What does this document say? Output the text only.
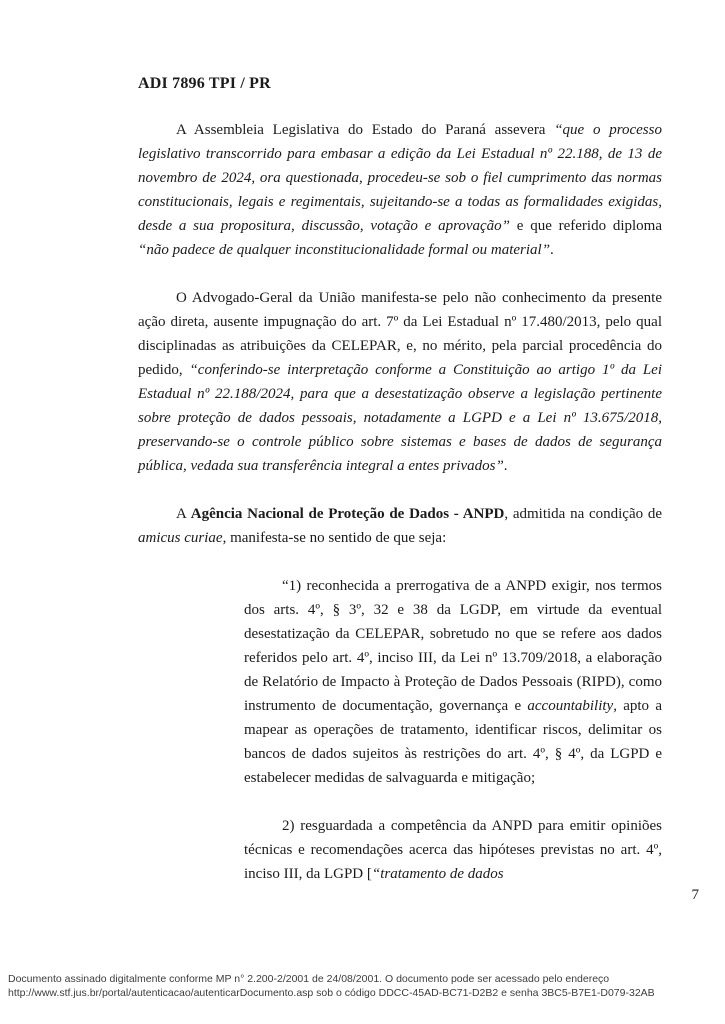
ADI 7896 TPI / PR

A Assembleia Legislativa do Estado do Paraná assevera “que o processo legislativo transcorrido para embasar a edição da Lei Estadual nº 22.188, de 13 de novembro de 2024, ora questionada, procedeu-se sob o fiel cumprimento das normas constitucionais, legais e regimentais, sujeitando-se a todas as formalidades exigidas, desde a sua propositura, discussão, votação e aprovação” e que referido diploma “não padece de qualquer inconstitucionalidade formal ou material”.

O Advogado-Geral da União manifesta-se pelo não conhecimento da presente ação direta, ausente impugnação do art. 7º da Lei Estadual nº 17.480/2013, pelo qual disciplinadas as atribuições da CELEPAR, e, no mérito, pela parcial procedência do pedido, “conferindo-se interpretação conforme a Constituição ao artigo 1º da Lei Estadual nº 22.188/2024, para que a desestatização observe a legislação pertinente sobre proteção de dados pessoais, notadamente a LGPD e a Lei nº 13.675/2018, preservando-se o controle público sobre sistemas e bases de dados de segurança pública, vedada sua transferência integral a entes privados”.

A Agência Nacional de Proteção de Dados - ANPD, admitida na condição de amicus curiae, manifesta-se no sentido de que seja:

“1) reconhecida a prerrogativa de a ANPD exigir, nos termos dos arts. 4º, § 3º, 32 e 38 da LGDP, em virtude da eventual desestatização da CELEPAR, sobretudo no que se refere aos dados referidos pelo art. 4º, inciso III, da Lei nº 13.709/2018, a elaboração de Relatório de Impacto à Proteção de Dados Pessoais (RIPD), como instrumento de documentação, governança e accountability, apto a mapear as operações de tratamento, identificar riscos, delimitar os bancos de dados sujeitos às restrições do art. 4º, § 4º, da LGPD e estabelecer medidas de salvaguarda e mitigação;

2) resguardada a competência da ANPD para emitir opiniões técnicas e recomendações acerca das hipóteses previstas no art. 4º, inciso III, da LGPD [“tratamento de dados

7
Documento assinado digitalmente conforme MP n° 2.200-2/2001 de 24/08/2001. O documento pode ser acessado pelo endereço
http://www.stf.jus.br/portal/autenticacao/autenticarDocumento.asp sob o código DDCC-45AD-BC71-D2B2 e senha 3BC5-B7E1-D079-32AB
